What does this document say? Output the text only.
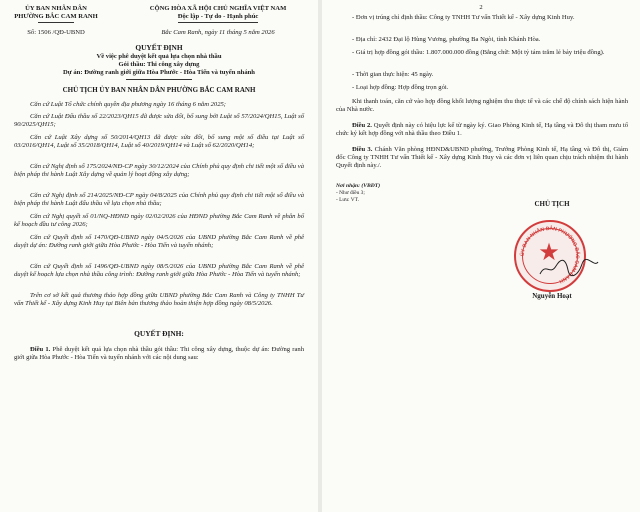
ỦY BAN NHÂN DÂN
PHƯỜNG BẮC CAM RANH
Số: 1506 /QĐ-UBND
CỘNG HÒA XÃ HỘI CHỦ NGHĨA VIỆT NAM
Độc lập - Tự do - Hạnh phúc
Bắc Cam Ranh, ngày 11 tháng 5 năm 2026
QUYẾT ĐỊNH
Về việc phê duyệt kết quả lựa chọn nhà thầu
Gói thầu: Thi công xây dựng
Dự án: Đường ranh giới giữa Hòa Phước - Hòa Tiến và tuyến nhánh
CHỦ TỊCH ỦY BAN NHÂN DÂN PHƯỜNG BẮC CAM RANH
Căn cứ Luật Tổ chức chính quyền địa phương ngày 16 tháng 6 năm 2025;
Căn cứ Luật Đấu thầu số 22/2023/QH15 đã được sửa đổi, bổ sung bởi Luật số 57/2024/QH15, Luật số 90/2025/QH15;
Căn cứ Luật Xây dựng số 50/2014/QH13 đã được sửa đổi, bổ sung một số điều tại Luật số 03/2016/QH14, Luật số 35/2018/QH14, Luật số 40/2019/QH14 và Luật số 62/2020/QH14;
Căn cứ Nghị định số 175/2024/NĐ-CP ngày 30/12/2024 của Chính phủ quy định chi tiết một số điều và biện pháp thi hành Luật Xây dựng về quản lý hoạt động xây dựng;
Căn cứ Nghị định số 214/2025/NĐ-CP ngày 04/8/2025 của Chính phủ quy định chi tiết một số điều và biện pháp thi hành Luật đấu thầu về lựa chọn nhà thầu;
Căn cứ Nghị quyết số 01/NQ-HĐND ngày 02/02/2026 của HĐND phường Bắc Cam Ranh về phân bổ kế hoạch đầu tư công 2026;
Căn cứ Quyết định số 1470/QĐ-UBND ngày 04/5/2026 của UBND phường Bắc Cam Ranh về phê duyệt dự án: Đường ranh giới giữa Hòa Phước - Hòa Tiến và tuyến nhánh;
Căn cứ Quyết định số 1496/QĐ-UBND ngày 08/5/2026 của UBND phường Bắc Cam Ranh về phê duyệt kế hoạch lựa chọn nhà thầu công trình: Đường ranh giới giữa Hòa Phước - Hòa Tiến và tuyến nhánh;
Trên cơ sở kết quả thương thảo hợp đồng giữa UBND phường Bắc Cam Ranh và Công ty TNHH Tư vấn Thiết kế - Xây dựng Kinh Huy tại Biên bản thương thảo hoàn thiện hợp đồng ngày 08/5/2026.
QUYẾT ĐỊNH:
Điều 1. Phê duyệt kết quả lựa chọn nhà thầu gói thầu: Thi công xây dựng, thuộc dự án: Đường ranh giới giữa Hòa Phước - Hòa Tiến và tuyến nhánh với các nội dung sau:
2
- Đơn vị trúng chỉ định thầu: Công ty TNHH Tư vấn Thiết kế - Xây dựng Kinh Huy.
- Địa chỉ: 2432 Đại lộ Hùng Vương, phường Ba Ngòi, tỉnh Khánh Hòa.
- Giá trị hợp đồng gói thầu: 1.807.000.000 đồng (Bằng chữ: Một tỷ tám trăm lẻ bảy triệu đồng).
- Thời gian thực hiện: 45 ngày.
- Loại hợp đồng: Hợp đồng trọn gói.
Khi thanh toán, căn cứ vào hợp đồng khối lượng nghiệm thu thực tế và các chế độ chính sách hiện hành của Nhà nước.
Điều 2. Quyết định này có hiệu lực kể từ ngày ký. Giao Phòng Kinh tế, Hạ tầng và Đô thị tham mưu tổ chức ký kết hợp đồng với nhà thầu theo Điều 1.
Điều 3. Chánh Văn phòng HĐND&UBND phường, Trưởng Phòng Kinh tế, Hạ tầng và Đô thị, Giám đốc Công ty TNHH Tư vấn Thiết kế - Xây dựng Kinh Huy và các đơn vị liên quan chịu trách nhiệm thi hành Quyết định này./.
Nơi nhận: (VBĐT)
- Như điều 3;
- Lưu: VT.	CHỦ TỊCH
ỦY BAN NHÂN DÂN PHƯỜNG BẮC CAM RANH
★
Nguyễn Hoạt
